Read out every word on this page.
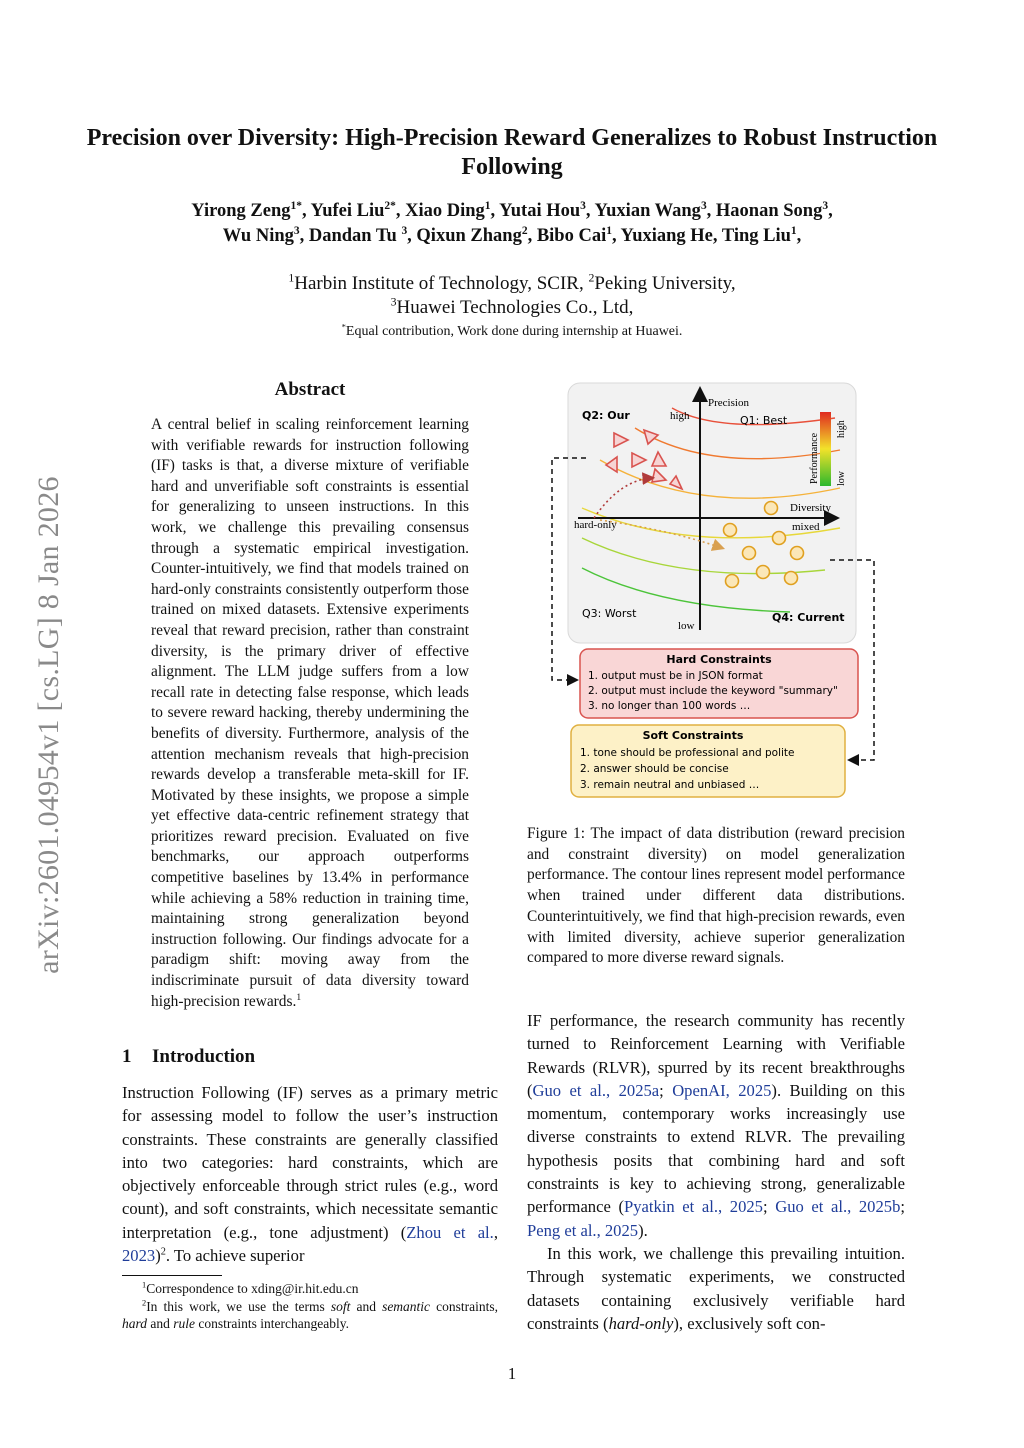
arXiv:2601.04954v1 [cs.LG] 8 Jan 2026
Precision over Diversity: High-Precision Reward Generalizes to Robust Instruction Following
Yirong Zeng$^{1*}$, Yufei Liu$^{2*}$, Xiao Ding$^1$, Yutai Hou$^3$, Yuxian Wang$^3$, Haonan Song$^3$,
Wu Ning$^3$, Dandan Tu $^3$, Qixun Zhang$^2$, Bibo Cai$^1$, Yuxiang He, Ting Liu$^1$,
$^1$Harbin Institute of Technology, SCIR, $^2$Peking University,
$^3$Huawei Technologies Co., Ltd,
*Equal contribution, Work done during internship at Huawei.
Abstract
A central belief in scaling reinforcement learning with verifiable rewards for instruction following (IF) tasks is that, a diverse mixture of verifiable hard and unverifiable soft constraints is essential for generalizing to unseen instructions. In this work, we challenge this prevailing consensus through a systematic empirical investigation. Counter-intuitively, we find that models trained on hard-only constraints consistently outperform those trained on mixed datasets. Extensive experiments reveal that reward precision, rather than constraint diversity, is the primary driver of effective alignment. The LLM judge suffers from a low recall rate in detecting false response, which leads to severe reward hacking, thereby undermining the benefits of diversity. Furthermore, analysis of the attention mechanism reveals that high-precision rewards develop a transferable meta-skill for IF. Motivated by these insights, we propose a simple yet effective data-centric refinement strategy that prioritizes reward precision. Evaluated on five benchmarks, our approach outperforms competitive baselines by 13.4% in performance while achieving a 58% reduction in training time, maintaining strong generalization beyond instruction following. Our findings advocate for a paradigm shift: moving away from the indiscriminate pursuit of data diversity toward high-precision rewards.$^1$
1 Introduction
Instruction Following (IF) serves as a primary metric for assessing model to follow the user’s instruction constraints. These constraints are generally classified into two categories: hard constraints, which are objectively enforceable through strict rules (e.g., word count), and soft constraints, which necessitate semantic interpretation (e.g., tone adjustment) (Zhou et al., 2023)$^2$. To achieve superior

$^1$Correspondence to xding@ir.hit.edu.cn

$^2$In this work, we use the terms soft and semantic constraints, hard and rule constraints interchangeably.

Precision
high
low
Diversity
mixed
hard-only
Q2: Our	Q1: Best
Q3: Worst	Q4: Current
Performance
high
low
Hard Constraints
1. output must be in JSON format
2. output must include the keyword "summary"
3. no longer than 100 words …
Soft Constraints
1. tone should be professional and polite
2. answer should be concise
3. remain neutral and unbiased …
Figure 1: The impact of data distribution (reward precision and constraint diversity) on model generalization performance. The contour lines represent model performance when trained under different data distributions. Counterintuitively, we find that high-precision rewards, even with limited diversity, achieve superior generalization compared to more diverse reward signals.

IF performance, the research community has recently turned to Reinforcement Learning with Verifiable Rewards (RLVR), spurred by its recent breakthroughs (Guo et al., 2025a; OpenAI, 2025). Building on this momentum, contemporary works increasingly use diverse constraints to extend RLVR. The prevailing hypothesis posits that combining hard and soft constraints is key to achieving strong, generalizable performance (Pyatkin et al., 2025; Guo et al., 2025b; Peng et al., 2025).

In this work, we challenge this prevailing intuition. Through systematic experiments, we constructed datasets containing exclusively verifiable hard constraints (hard-only), exclusively soft con-

1
